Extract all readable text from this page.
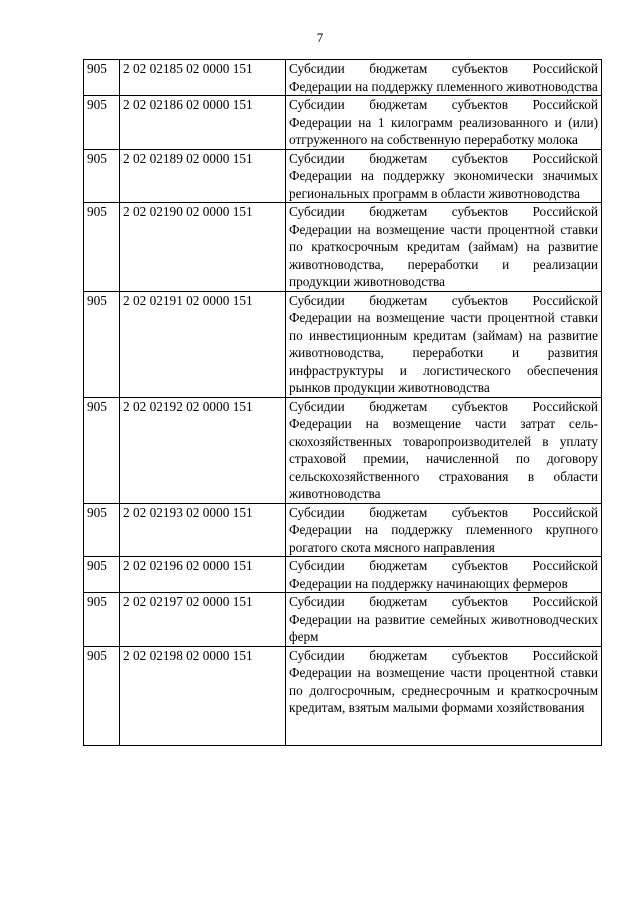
7
905	2 02 02185 02 0000 151	Субсидии бюджетам субъектов Российской Федерации на поддержку племенного животноводства
905	2 02 02186 02 0000 151	Субсидии бюджетам субъектов Российской Федерации на 1 килограмм реализованного и (или) отгруженного на собственную переработку молока
905	2 02 02189 02 0000 151	Субсидии бюджетам субъектов Российской Федерации на поддержку экономически значимых региональных программ в области животноводства
905	2 02 02190 02 0000 151	Субсидии бюджетам субъектов Российской Федерации на возмещение части процентной ставки по краткосрочным кредитам (займам) на развитие животноводства, переработки и реализации продукции животноводства
905	2 02 02191 02 0000 151	Субсидии бюджетам субъектов Российской Федерации на возмещение части процентной ставки по инвестиционным кредитам (займам) на развитие животноводства, переработки и развития инфраструктуры и логистического обеспечения рынков продукции животноводства
905	2 02 02192 02 0000 151	Субсидии бюджетам субъектов Российской Федерации на возмещение части затрат сельскохозяйственных товаропроизводителей в уплату страховой премии, начисленной по договору сельскохозяйственного страхования в области животноводства
905	2 02 02193 02 0000 151	Субсидии бюджетам субъектов Российской Федерации на поддержку племенного крупного рогатого скота мясного направления
905	2 02 02196 02 0000 151	Субсидии бюджетам субъектов Российской Федерации на поддержку начинающих фермеров
905	2 02 02197 02 0000 151	Субсидии бюджетам субъектов Российской Федерации на развитие семейных животноводческих ферм
905	2 02 02198 02 0000 151	Субсидии бюджетам субъектов Российской Федерации на возмещение части процентной ставки по долгосрочным, среднесрочным и краткосрочным кредитам, взятым малыми формами хозяйствования
